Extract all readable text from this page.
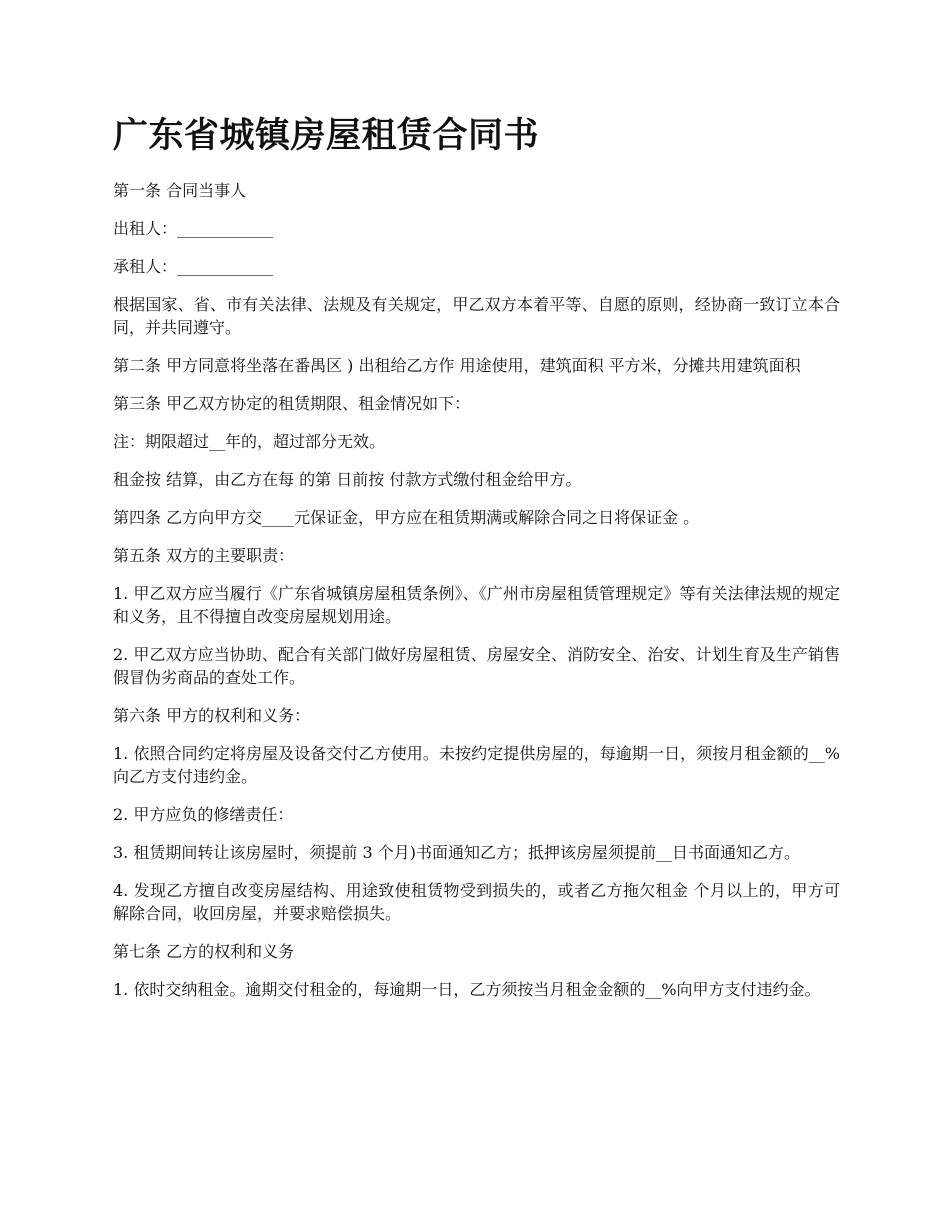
广东省城镇房屋租赁合同书

第一条 合同当事人

出租人：____________

承租人：____________

根据国家、省、市有关法律、法规及有关规定，甲乙双方本着平等、自愿的原则，经协商一致订立本合同，并共同遵守。

第二条 甲方同意将坐落在番禺区 ) 出租给乙方作 用途使用，建筑面积 平方米，分摊共用建筑面积

第三条 甲乙双方协定的租赁期限、租金情况如下：

注：期限超过__年的，超过部分无效。

租金按 结算，由乙方在每 的第 日前按 付款方式缴付租金给甲方。

第四条 乙方向甲方交____元保证金，甲方应在租赁期满或解除合同之日将保证金 。

第五条 双方的主要职责：

1. 甲乙双方应当履行《广东省城镇房屋租赁条例》、《广州市房屋租赁管理规定》等有关法律法规的规定和义务，且不得擅自改变房屋规划用途。

2. 甲乙双方应当协助、配合有关部门做好房屋租赁、房屋安全、消防安全、治安、计划生育及生产销售假冒伪劣商品的查处工作。

第六条 甲方的权利和义务：

1. 依照合同约定将房屋及设备交付乙方使用。未按约定提供房屋的，每逾期一日，须按月租金额的__%向乙方支付违约金。

2. 甲方应负的修缮责任：

3. 租赁期间转让该房屋时，须提前 3 个月)书面通知乙方；抵押该房屋须提前__日书面通知乙方。

4. 发现乙方擅自改变房屋结构、用途致使租赁物受到损失的，或者乙方拖欠租金 个月以上的，甲方可解除合同，收回房屋，并要求赔偿损失。

第七条 乙方的权利和义务

1. 依时交纳租金。逾期交付租金的，每逾期一日，乙方须按当月租金金额的__%向甲方支付违约金。
